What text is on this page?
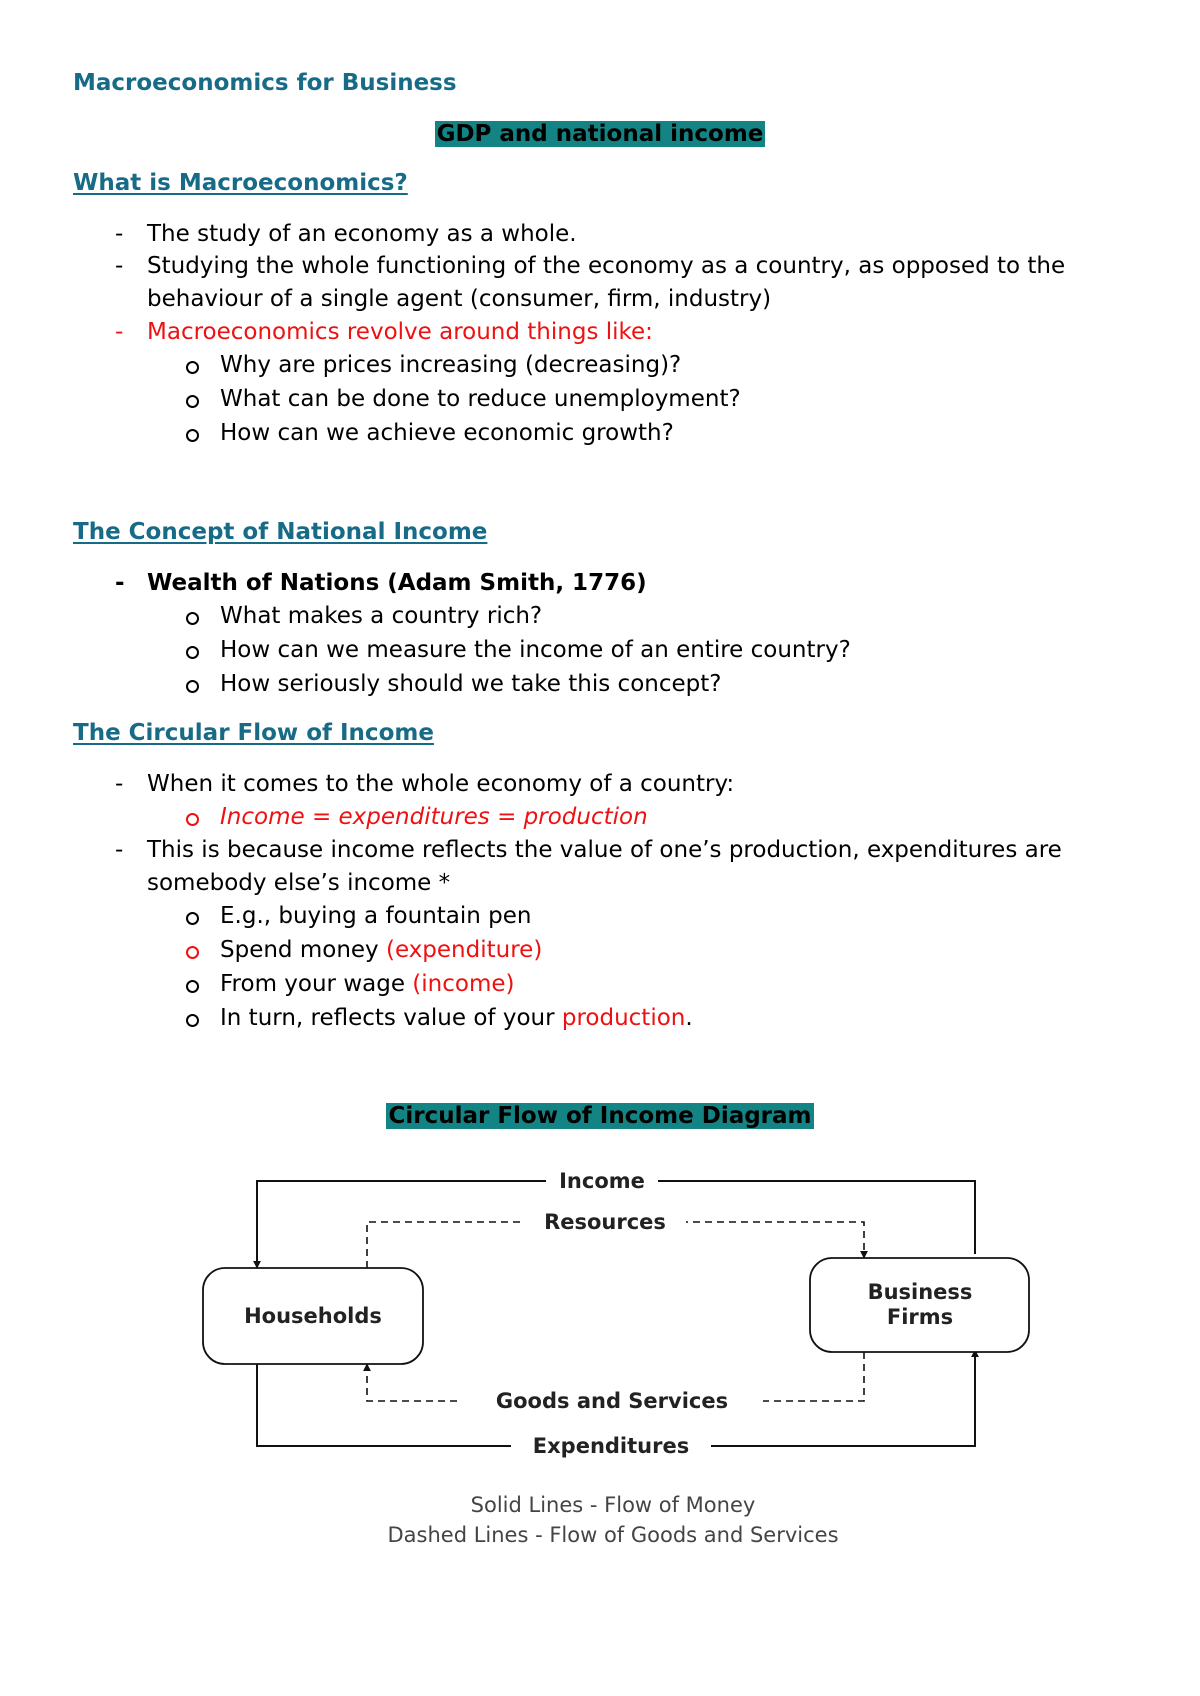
Macroeconomics for Business
GDP and national income
What is Macroeconomics?
- The study of an economy as a whole.
- Studying the whole functioning of the economy as a country, as opposed to the
behaviour of a single agent (consumer, firm, industry)
- Macroeconomics revolve around things like:
Why are prices increasing (decreasing)?
What can be done to reduce unemployment?
How can we achieve economic growth?
The Concept of National Income
- Wealth of Nations (Adam Smith, 1776)
What makes a country rich?
How can we measure the income of an entire country?
How seriously should we take this concept?
The Circular Flow of Income
- When it comes to the whole economy of a country:
Income = expenditures = production
- This is because income reflects the value of one’s production, expenditures are
somebody else’s income *
E.g., buying a fountain pen
Spend money (expenditure)
From your wage (income)
In turn, reflects value of your production.
Circular Flow of Income Diagram
Income
Resources
Goods and Services
Expenditures
Households
Business
Firms
Solid Lines - Flow of Money
Dashed Lines - Flow of Goods and Services
